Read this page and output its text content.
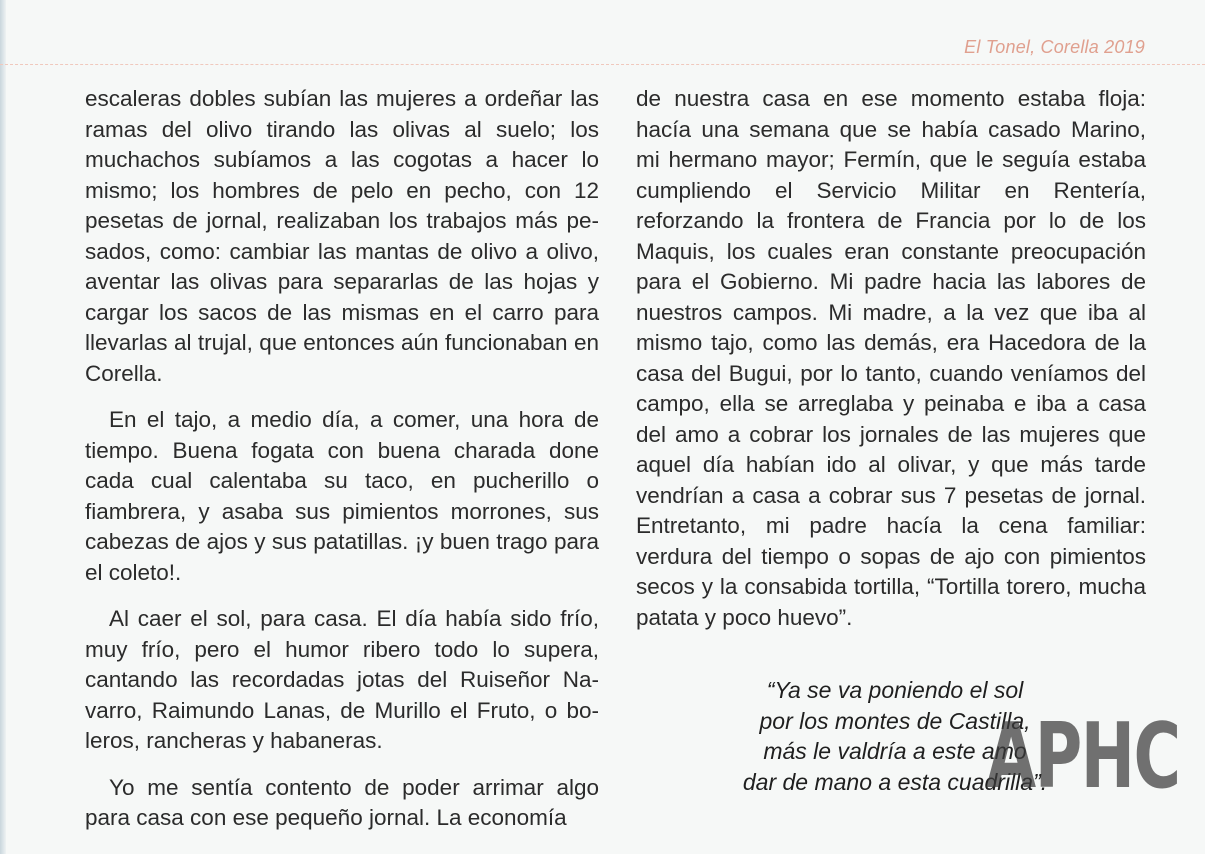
El Tonel, Corella 2019

escaleras dobles subían las mujeres a ordeñar las ramas del olivo tirando las olivas al suelo; los muchachos subíamos a las cogotas a hacer lo mismo; los hombres de pelo en pecho, con 12 pesetas de jornal, realizaban los trabajos más pesados, como: cambiar las mantas de olivo a olivo, aventar las olivas para separarlas de las hojas y cargar los sacos de las mismas en el carro para llevarlas al trujal, que entonces aún funcionaban en Corella.

En el tajo, a medio día, a comer, una hora de tiempo. Buena fogata con buena charada done cada cual calentaba su taco, en pucherillo o fiambrera, y asaba sus pimientos morrones, sus cabezas de ajos y sus patatillas. ¡y buen trago para el coleto!.

Al caer el sol, para casa. El día había sido frío, muy frío, pero el humor ribero todo lo supera, cantando las recordadas jotas del Ruiseñor Navarro, Raimundo Lanas, de Murillo el Fruto, o boleros, rancheras y habaneras.

Yo me sentía contento de poder arrimar algo para casa con ese pequeño jornal. La economía

de nuestra casa en ese momento estaba floja: hacía una semana que se había casado Marino, mi hermano mayor; Fermín, que le seguía estaba cumpliendo el Servicio Militar en Rentería, reforzando la frontera de Francia por lo de los Maquis, los cuales eran constante preocupación para el Gobierno. Mi padre hacia las labores de nuestros campos. Mi madre, a la vez que iba al mismo tajo, como las demás, era Hacedora de la casa del Bugui, por lo tanto, cuando veníamos del campo, ella se arreglaba y peinaba e iba a casa del amo a cobrar los jornales de las mujeres que aquel día habían ido al olivar, y que más tarde vendrían a casa a cobrar sus 7 pesetas de jornal. Entretanto, mi padre hacía la cena familiar: verdura del tiempo o sopas de ajo con pimientos secos y la consabida tortilla, “Tortilla torero, mucha patata y poco huevo”.

“Ya se va poniendo el sol
por los montes de Castilla,
más le valdría a este amo
dar de mano a esta cuadrilla”.
APHC
